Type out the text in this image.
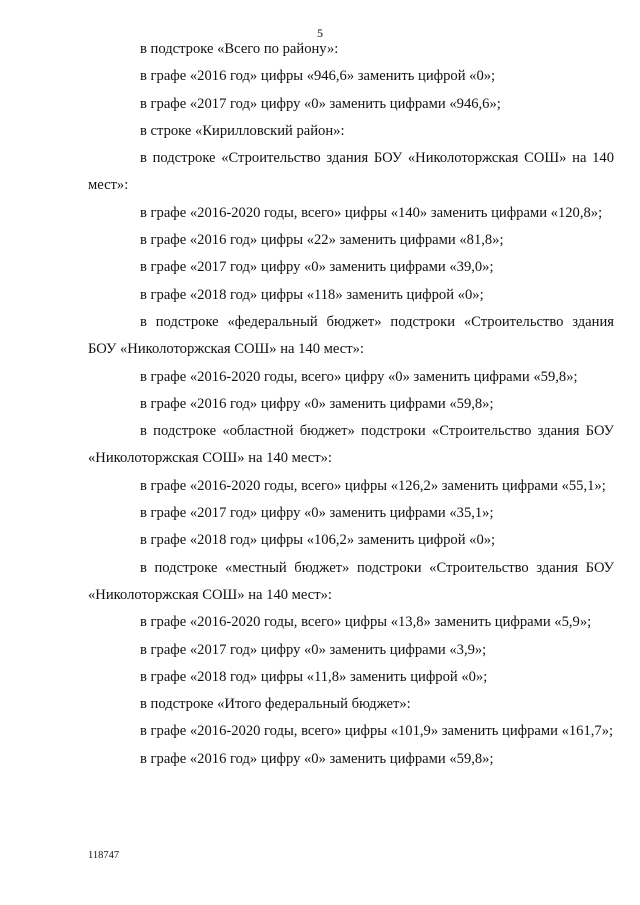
5

в подстроке «Всего по району»:

в графе «2016 год» цифры «946,6» заменить цифрой «0»;

в графе «2017 год» цифру «0» заменить цифрами «946,6»;

в строке «Кирилловский район»:

в подстроке «Строительство здания БОУ «Николоторжская СОШ» на 140 мест»:

в графе «2016-2020 годы, всего» цифры «140» заменить цифрами «120,8»;

в графе «2016 год» цифры «22» заменить цифрами «81,8»;

в графе «2017 год» цифру «0» заменить цифрами «39,0»;

в графе «2018 год» цифры «118» заменить цифрой «0»;

в подстроке «федеральный бюджет» подстроки «Строительство здания БОУ «Николоторжская СОШ» на 140 мест»:

в графе «2016-2020 годы, всего» цифру «0» заменить цифрами «59,8»;

в графе «2016 год» цифру «0» заменить цифрами «59,8»;

в подстроке «областной бюджет» подстроки «Строительство здания БОУ «Николоторжская СОШ» на 140 мест»:

в графе «2016-2020 годы, всего» цифры «126,2» заменить цифрами «55,1»;

в графе «2017 год» цифру «0» заменить цифрами «35,1»;

в графе «2018 год» цифры «106,2» заменить цифрой «0»;

в подстроке «местный бюджет» подстроки «Строительство здания БОУ «Николоторжская СОШ» на 140 мест»:

в графе «2016-2020 годы, всего» цифры «13,8» заменить цифрами «5,9»;

в графе «2017 год» цифру «0» заменить цифрами «3,9»;

в графе «2018 год» цифры «11,8» заменить цифрой «0»;

в подстроке «Итого федеральный бюджет»:

в графе «2016-2020 годы, всего» цифры «101,9» заменить цифрами «161,7»;

в графе «2016 год» цифру «0» заменить цифрами «59,8»;

118747
